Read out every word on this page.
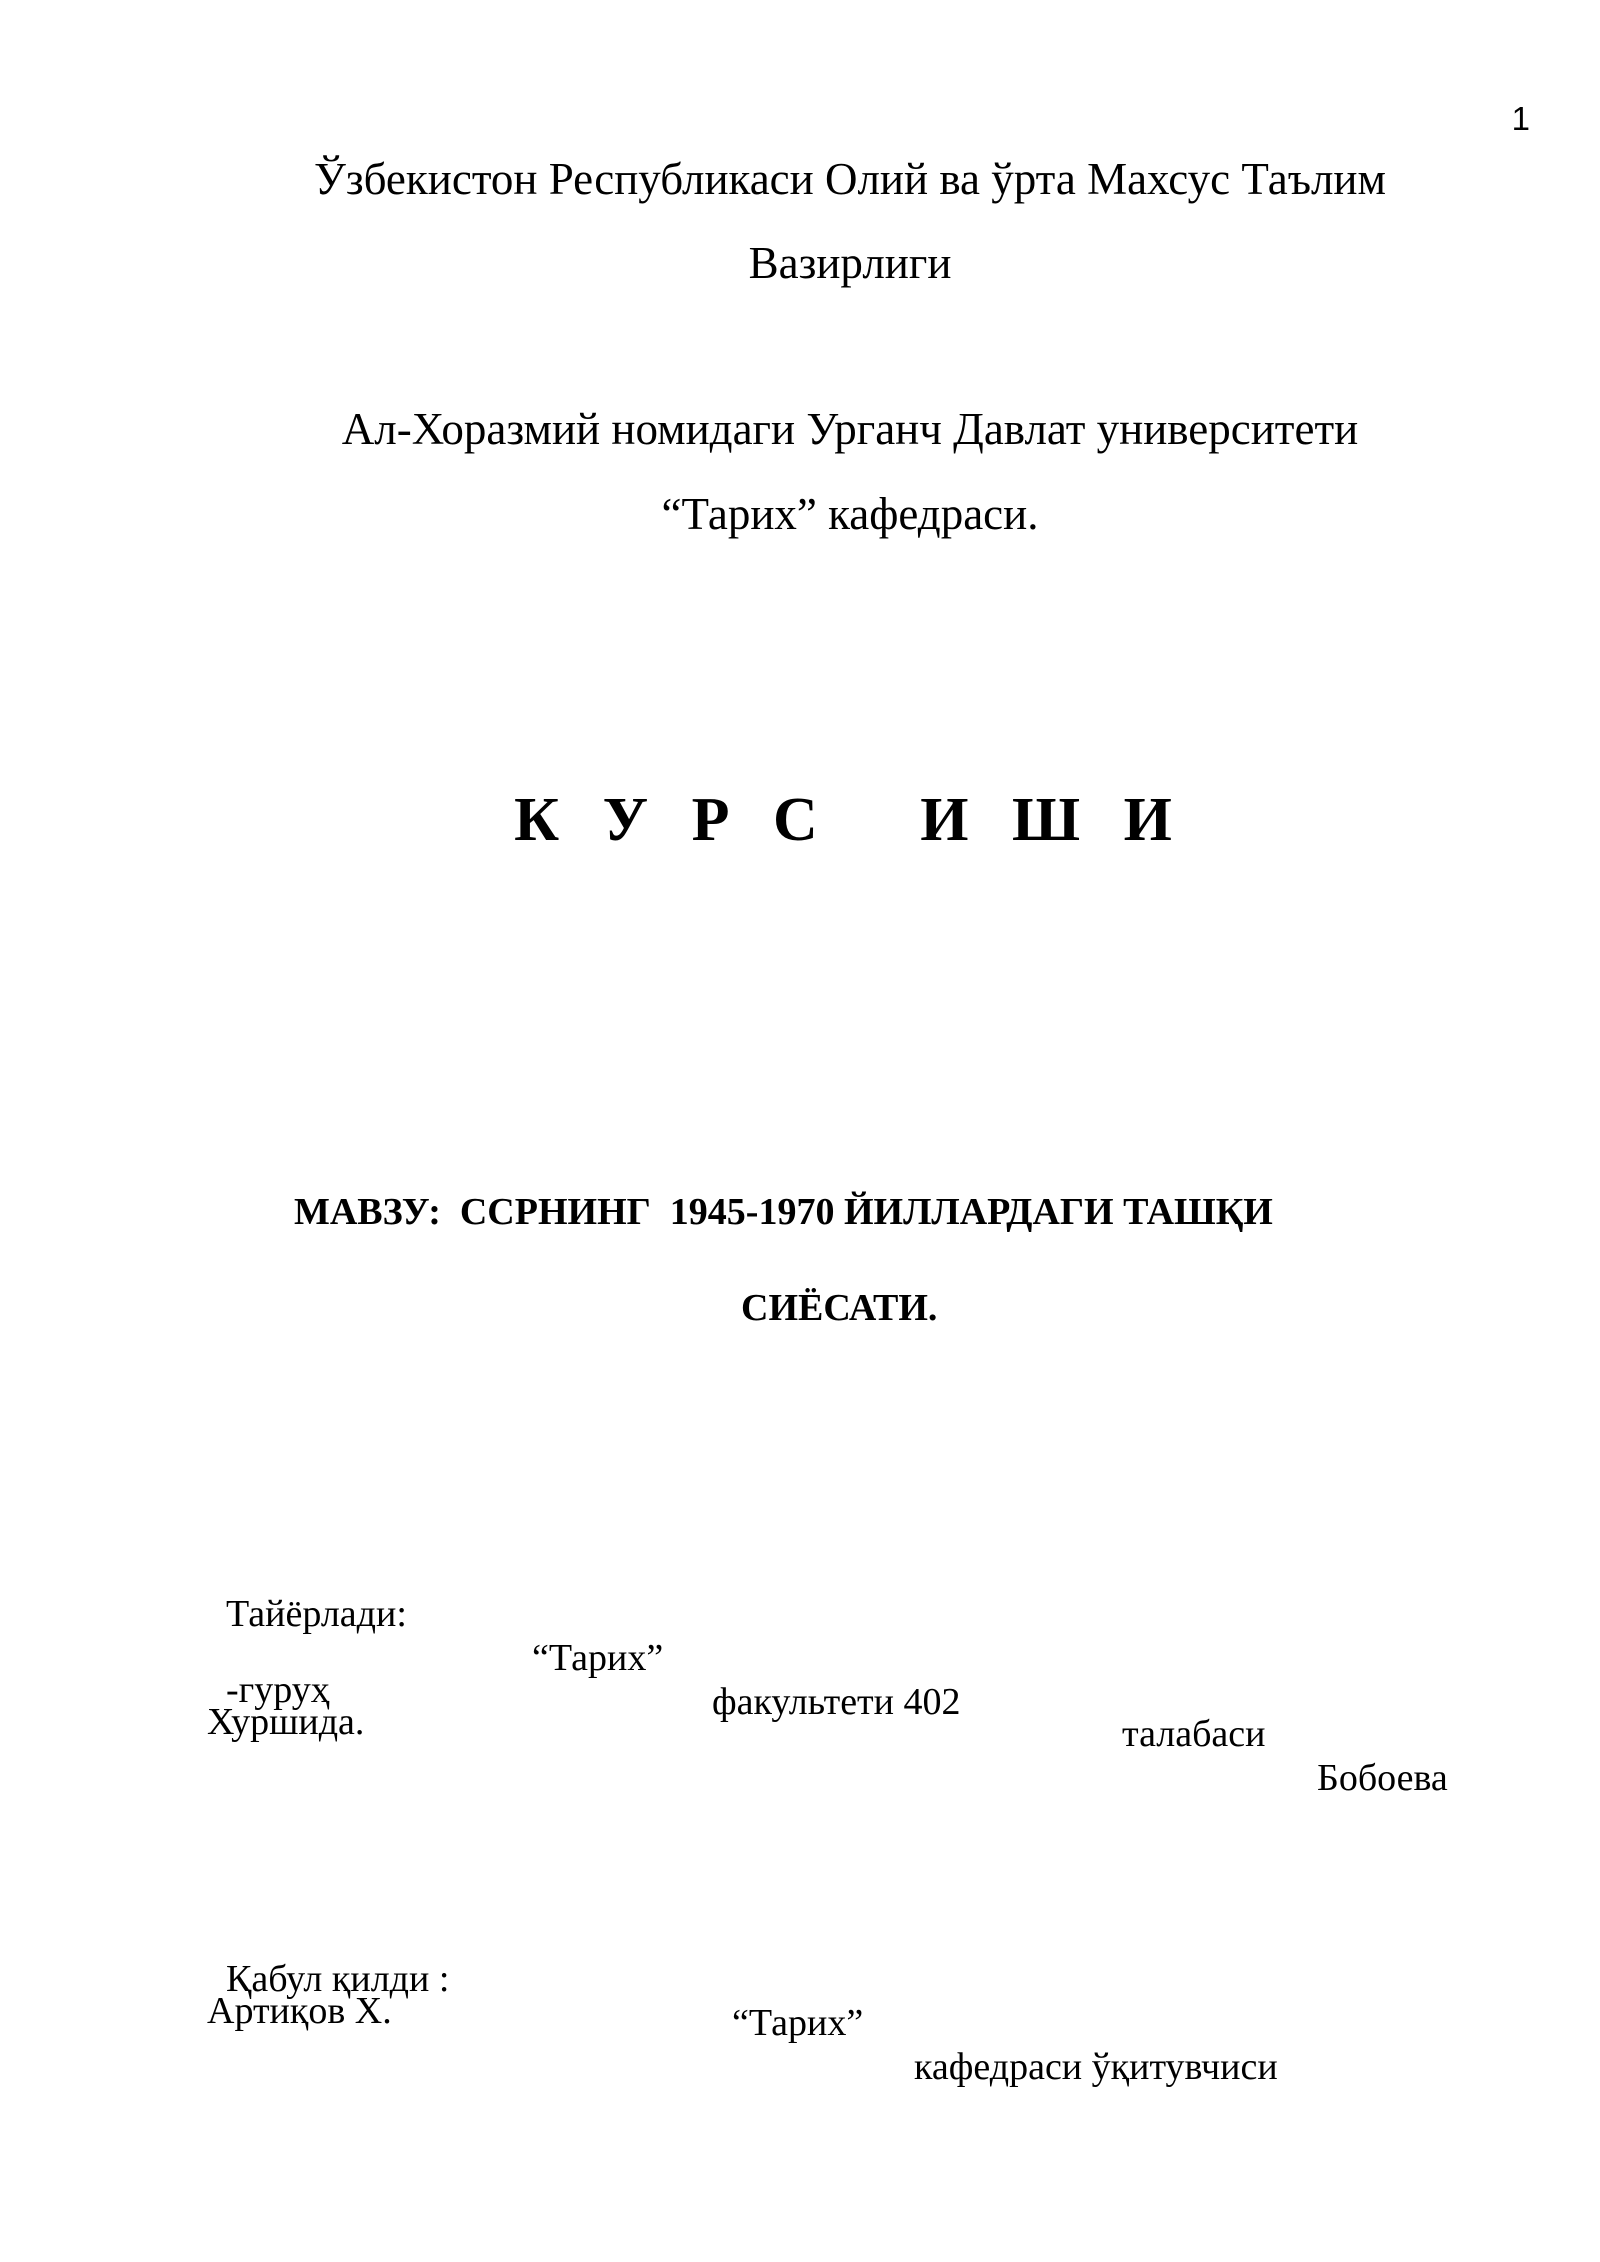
1
Ўзбекистон Республикаси Олий ва ўрта Махсус Таълим
Вазирлиги
Ал-Хоразмий номидаги Урганч Давлат университети
“Тарих” кафедраси.
К У Р С   И Ш И

МАВЗУ:  ССРНИНГ  1945-1970 ЙИЛЛАРДАГИ ТАШҚИ

СИЁСАТИ.

Тайёрлади:

“Тарих”

факультети 402

-гуруҳ

талабаси

Бобоева

Хуршида.

Қабул қилди :

“Тарих”

кафедраси ўқитувчиси

Артиқов Х.
